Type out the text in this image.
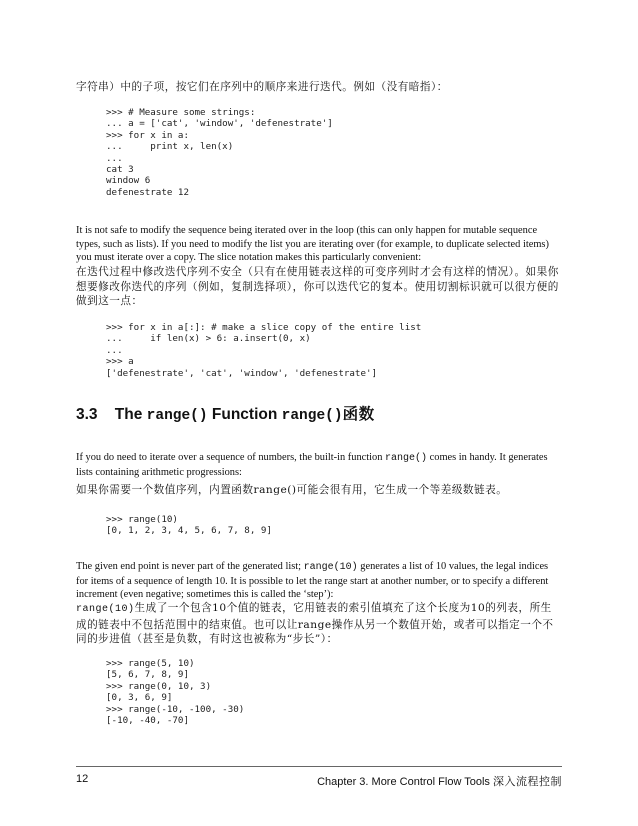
字符串）中的子项，按它们在序列中的顺序来进行迭代。例如（没有暗指）：

>>> # Measure some strings:
... a = ['cat', 'window', 'defenestrate']
>>> for x in a:
...     print x, len(x)
...
cat 3
window 6
defenestrate 12

It is not safe to modify the sequence being iterated over in the loop (this can only happen for mutable sequence types, such as lists). If you need to modify the list you are iterating over (for example, to duplicate selected items) you must iterate over a copy. The slice notation makes this particularly convenient:

在迭代过程中修改迭代序列不安全（只有在使用链表这样的可变序列时才会有这样的情况）。如果你想要修改你迭代的序列（例如，复制选择项），你可以迭代它的复本。使用切割标识就可以很方便的做到这一点：

>>> for x in a[:]: # make a slice copy of the entire list
...     if len(x) > 6: a.insert(0, x)
...
>>> a
['defenestrate', 'cat', 'window', 'defenestrate']
3.3 The range() Function range()函数

If you do need to iterate over a sequence of numbers, the built-in function range() comes in handy. It generates lists containing arithmetic progressions:

如果你需要一个数值序列，内置函数range()可能会很有用，它生成一个等差级数链表。

>>> range(10)
[0, 1, 2, 3, 4, 5, 6, 7, 8, 9]

The given end point is never part of the generated list; range(10) generates a list of 10 values, the legal indices for items of a sequence of length 10. It is possible to let the range start at another number, or to specify a different increment (even negative; sometimes this is called the ‘step’):

range(10)生成了一个包含10个值的链表，它用链表的索引值填充了这个长度为10的列表，所生成的链表中不包括范围中的结束值。也可以让range操作从另一个数值开始，或者可以指定一个不同的步进值（甚至是负数，有时这也被称为“步长”）：

>>> range(5, 10)
[5, 6, 7, 8, 9]
>>> range(0, 10, 3)
[0, 3, 6, 9]
>>> range(-10, -100, -30)
[-10, -40, -70]
12	Chapter 3. More Control Flow Tools 深入流程控制
